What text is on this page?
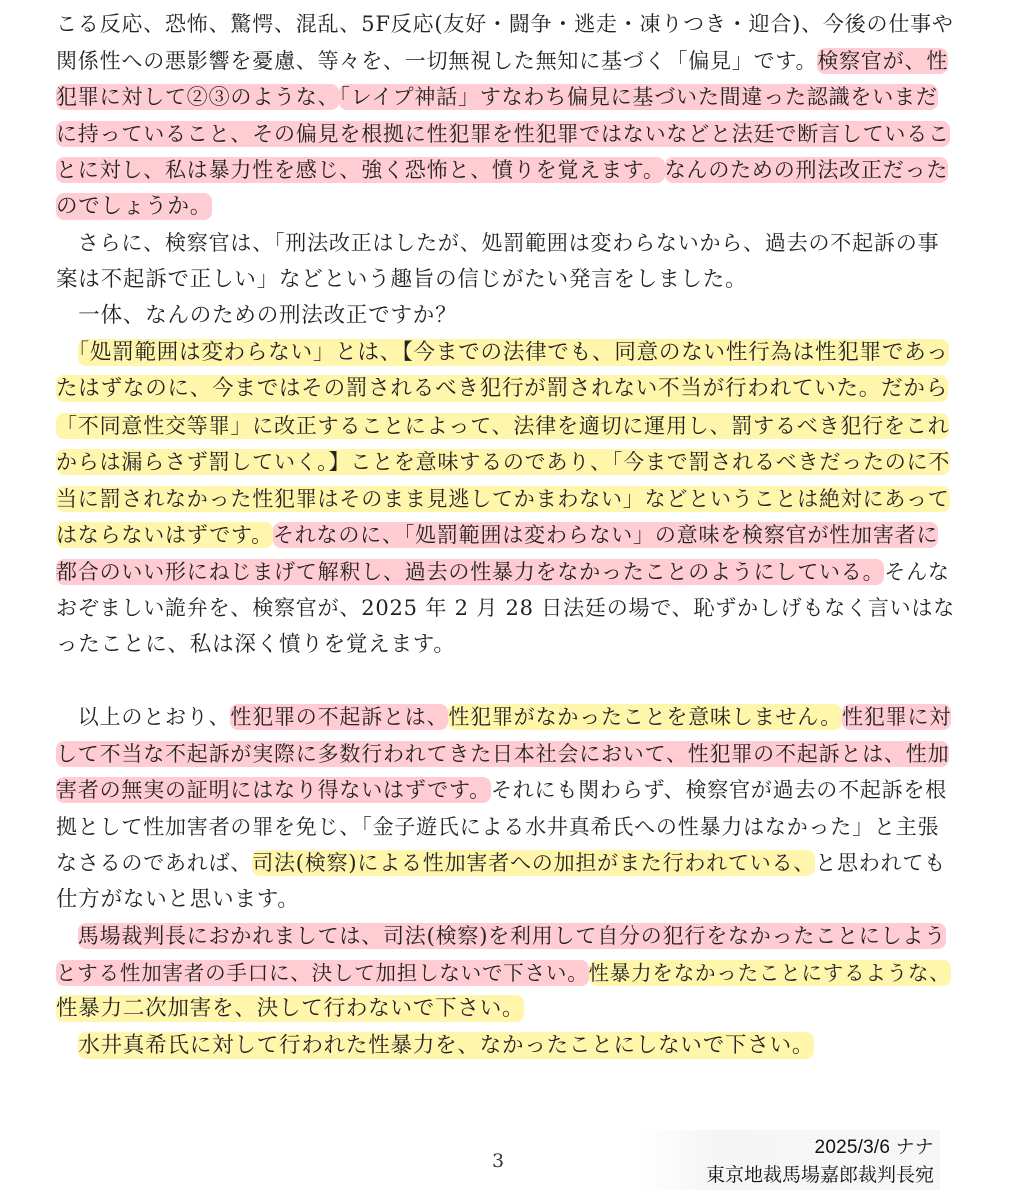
こる反応、恐怖、驚愕、混乱、5F反応(友好・闘争・逃走・凍りつき・迎合)、今後の仕事や
関係性への悪影響を憂慮、等々を、一切無視した無知に基づく「偏見」です。検察官が、性
犯罪に対して②③のような、「レイプ神話」すなわち偏見に基づいた間違った認識をいまだ
に持っていること、その偏見を根拠に性犯罪を性犯罪ではないなどと法廷で断言しているこ
とに対し、私は暴力性を感じ、強く恐怖と、憤りを覚えます。なんのための刑法改正だった
のでしょうか。
　さらに、検察官は、「刑法改正はしたが、処罰範囲は変わらないから、過去の不起訴の事
案は不起訴で正しい」などという趣旨の信じがたい発言をしました。
　一体、なんのための刑法改正ですか？
　「処罰範囲は変わらない」とは、【今までの法律でも、同意のない性行為は性犯罪であっ
たはずなのに、今まではその罰されるべき犯行が罰されない不当が行われていた。だから
「不同意性交等罪」に改正することによって、法律を適切に運用し、罰するべき犯行をこれ
からは漏らさず罰していく。】ことを意味するのであり、「今まで罰されるべきだったのに不
当に罰されなかった性犯罪はそのまま見逃してかまわない」などということは絶対にあって
はならないはずです。それなのに、「処罰範囲は変わらない」の意味を検察官が性加害者に
都合のいい形にねじまげて解釈し、過去の性暴力をなかったことのようにしている。そんな
おぞましい詭弁を、検察官が、2025 年 2 月 28 日法廷の場で、恥ずかしげもなく言いはな
ったことに、私は深く憤りを覚えます。
　以上のとおり、性犯罪の不起訴とは、性犯罪がなかったことを意味しません。性犯罪に対
して不当な不起訴が実際に多数行われてきた日本社会において、性犯罪の不起訴とは、性加
害者の無実の証明にはなり得ないはずです。それにも関わらず、検察官が過去の不起訴を根
拠として性加害者の罪を免じ、「金子遊氏による水井真希氏への性暴力はなかった」と主張
なさるのであれば、司法(検察)による性加害者への加担がまた行われている、と思われても
仕方がないと思います。
　馬場裁判長におかれましては、司法(検察)を利用して自分の犯行をなかったことにしよう
とする性加害者の手口に、決して加担しないで下さい。性暴力をなかったことにするような、
性暴力二次加害を、決して行わないで下さい。
　水井真希氏に対して行われた性暴力を、なかったことにしないで下さい。
3
2025/3/6 ナナ
東京地裁馬場嘉郎裁判長宛
